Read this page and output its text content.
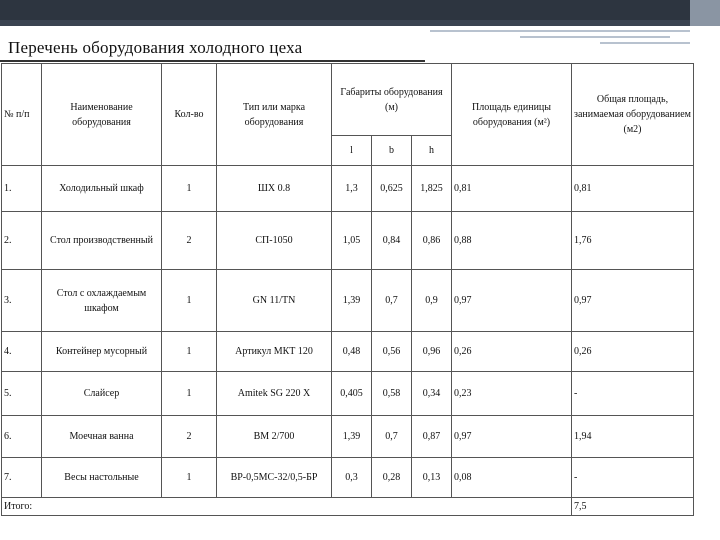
Перечень оборудования холодного цеха
№ п/п	Наименование оборудования	Кол-во	Тип или марка оборудования	Габариты оборудования (м)			Площадь единицы оборудования (м²)	Общая площадь, занимаемая оборудованием (м2)
				l	b	h		
1.	Холодильный шкаф	1	ШХ 0.8	1,3	0,625	1,825	0,81	0,81
2.	Стол производственный	2	СП-1050	1,05	0,84	0,86	0,88	1,76
3.	Стол с охлаждаемым шкафом	1	GN 11/TN	1,39	0,7	0,9	0,97	0,97
4.	Контейнер мусорный	1	Артикул МКТ 120	0,48	0,56	0,96	0,26	0,26
5.	Слайсер	1	Amitek SG 220 X	0,405	0,58	0,34	0,23	-
6.	Моечная ванна	2	ВМ 2/700	1,39	0,7	0,87	0,97	1,94
7.	Весы настольные	1	ВР-0,5МС-32/0,5-БР	0,3	0,28	0,13	0,08	-
Итого:								7,5
